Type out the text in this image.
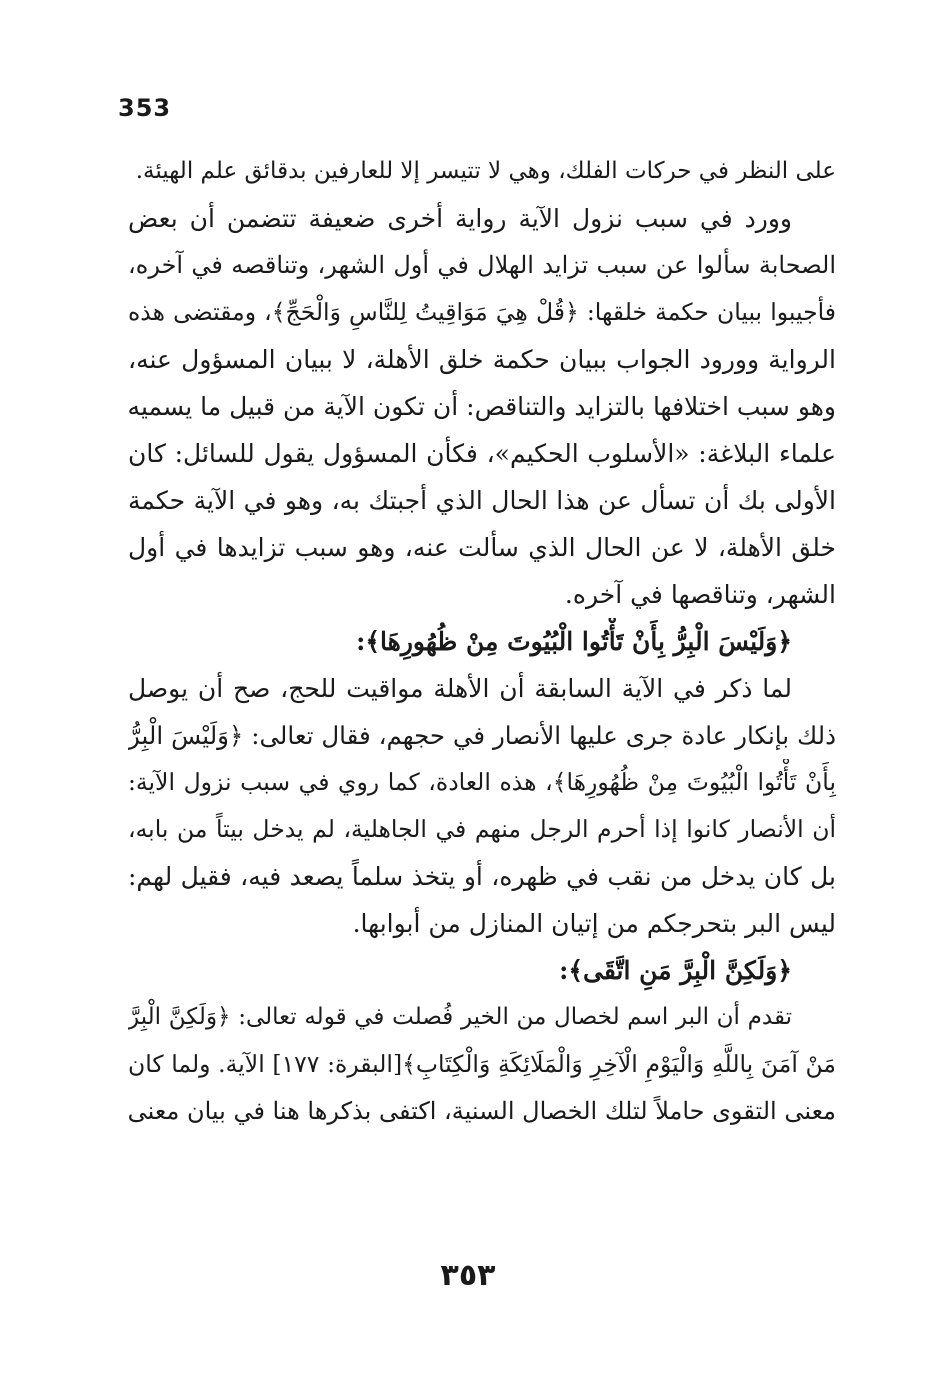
353
على النظر في حركات الفلك، وهي لا تتيسر إلا للعارفين بدقائق علم الهيئة.
وورد في سبب نزول الآية رواية أخرى ضعيفة تتضمن أن بعض
الصحابة سألوا عن سبب تزايد الهلال في أول الشهر، وتناقصه في آخره،
فأجيبوا ببيان حكمة خلقها: ﴿قُلْ هِيَ مَوَاقِيتُ لِلنَّاسِ وَالْحَجِّ﴾، ومقتضى هذه
الرواية وورود الجواب ببيان حكمة خلق الأهلة، لا ببيان المسؤول عنه،
وهو سبب اختلافها بالتزايد والتناقص: أن تكون الآية من قبيل ما يسميه
علماء البلاغة: «الأسلوب الحكيم»، فكأن المسؤول يقول للسائل: كان
الأولى بك أن تسأل عن هذا الحال الذي أجبتك به، وهو في الآية حكمة
خلق الأهلة، لا عن الحال الذي سألت عنه، وهو سبب تزايدها في أول
الشهر، وتناقصها في آخره.
﴿وَلَيْسَ الْبِرُّ بِأَنْ تَأْتُوا الْبُيُوتَ مِنْ ظُهُورِهَا﴾:
لما ذكر في الآية السابقة أن الأهلة مواقيت للحج، صح أن يوصل
ذلك بإنكار عادة جرى عليها الأنصار في حجهم، فقال تعالى: ﴿وَلَيْسَ الْبِرُّ
بِأَنْ تَأْتُوا الْبُيُوتَ مِنْ ظُهُورِهَا﴾، هذه العادة، كما روي في سبب نزول الآية:
أن الأنصار كانوا إذا أحرم الرجل منهم في الجاهلية، لم يدخل بيتاً من بابه،
بل كان يدخل من نقب في ظهره، أو يتخذ سلماً يصعد فيه، فقيل لهم:
ليس البر بتحرجكم من إتيان المنازل من أبوابها.
﴿وَلَكِنَّ الْبِرَّ مَنِ اتَّقَى﴾:
تقدم أن البر اسم لخصال من الخير فُصلت في قوله تعالى: ﴿وَلَكِنَّ الْبِرَّ
مَنْ آمَنَ بِاللَّهِ وَالْيَوْمِ الْآخِرِ وَالْمَلَائِكَةِ وَالْكِتَابِ﴾[البقرة: ١٧٧] الآية. ولما كان
معنى التقوى حاملاً لتلك الخصال السنية، اكتفى بذكرها هنا في بيان معنى
٣٥٣
